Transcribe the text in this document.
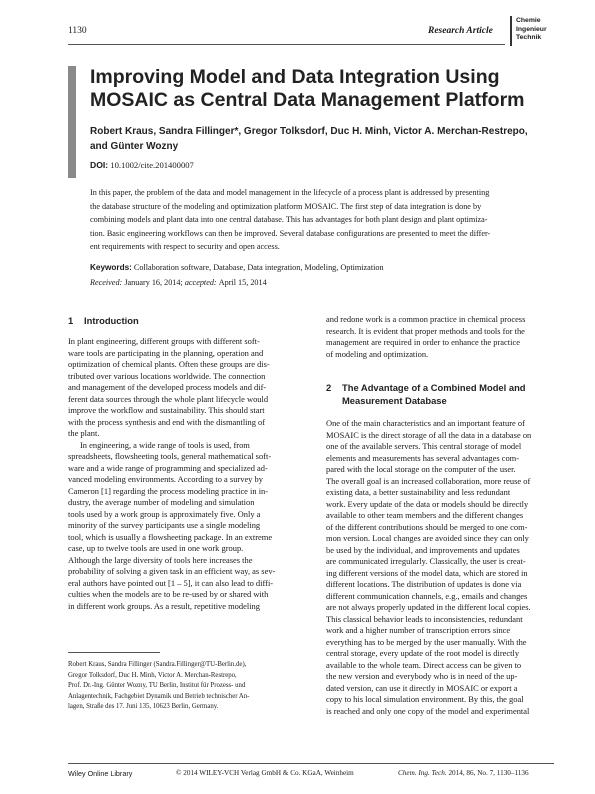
1130	Research Article
Chemie
Ingenieur
Technik
Improving Model and Data Integration Using
MOSAIC as Central Data Management Platform
Robert Kraus, Sandra Fillinger*, Gregor Tolksdorf, Duc H. Minh, Victor A. Merchan-Restrepo,
and Günter Wozny
DOI: 10.1002/cite.201400007
In this paper, the problem of the data and model management in the lifecycle of a process plant is addressed by presenting
the database structure of the modeling and optimization platform MOSAIC. The first step of data integration is done by
combining models and plant data into one central database. This has advantages for both plant design and plant optimiza-
tion. Basic engineering workflows can then be improved. Several database configurations are presented to meet the differ-
ent requirements with respect to security and open access.
Keywords: Collaboration software, Database, Data integration, Modeling, Optimization
Received: January 16, 2014; accepted: April 15, 2014
1 Introduction
In plant engineering, different groups with different soft-
ware tools are participating in the planning, operation and
optimization of chemical plants. Often these groups are dis-
tributed over various locations worldwide. The connection
and management of the developed process models and dif-
ferent data sources through the whole plant lifecycle would
improve the workflow and sustainability. This should start
with the process synthesis and end with the dismantling of
the plant.
In engineering, a wide range of tools is used, from
spreadsheets, flowsheeting tools, general mathematical soft-
ware and a wide range of programming and specialized ad-
vanced modeling environments. According to a survey by
Cameron [1] regarding the process modeling practice in in-
dustry, the average number of modeling and simulation
tools used by a work group is approximately five. Only a
minority of the survey participants use a single modeling
tool, which is usually a flowsheeting package. In an extreme
case, up to twelve tools are used in one work group.
Although the large diversity of tools here increases the
probability of solving a given task in an efficient way, as sev-
eral authors have pointed out [1 – 5], it can also lead to diffi-
culties when the models are to be re-used by or shared with
in different work groups. As a result, repetitive modeling
Robert Kraus, Sandra Fillinger (Sandra.Fillinger@TU-Berlin.de),
Gregor Tolksdorf, Duc H. Minh, Victor A. Merchan-Restrepo,
Prof. Dr.-Ing. Günter Wozny, TU Berlin, Institut für Prozess- und
Anlagentechnik, Fachgebiet Dynamik und Betrieb technischer An-
lagen, Straße des 17. Juni 135, 10623 Berlin, Germany.
and redone work is a common practice in chemical process
research. It is evident that proper methods and tools for the
management are required in order to enhance the practice
of modeling and optimization.
2 The Advantage of a Combined Model and
Measurement Database
One of the main characteristics and an important feature of
MOSAIC is the direct storage of all the data in a database on
one of the available servers. This central storage of model
elements and measurements has several advantages com-
pared with the local storage on the computer of the user.
The overall goal is an increased collaboration, more reuse of
existing data, a better sustainability and less redundant
work. Every update of the data or models should be directly
available to other team members and the different changes
of the different contributions should be merged to one com-
mon version. Local changes are avoided since they can only
be used by the individual, and improvements and updates
are communicated irregularly. Classically, the user is creat-
ing different versions of the model data, which are stored in
different locations. The distribution of updates is done via
different communication channels, e.g., emails and changes
are not always properly updated in the different local copies.
This classical behavior leads to inconsistencies, redundant
work and a higher number of transcription errors since
everything has to be merged by the user manually. With the
central storage, every update of the root model is directly
available to the whole team. Direct access can be given to
the new version and everybody who is in need of the up-
dated version, can use it directly in MOSAIC or export a
copy to his local simulation environment. By this, the goal
is reached and only one copy of the model and experimental
Wiley Online Library	© 2014 WILEY-VCH Verlag GmbH & Co. KGaA, Weinheim	Chem. Ing. Tech. 2014, 86, No. 7, 1130–1136
